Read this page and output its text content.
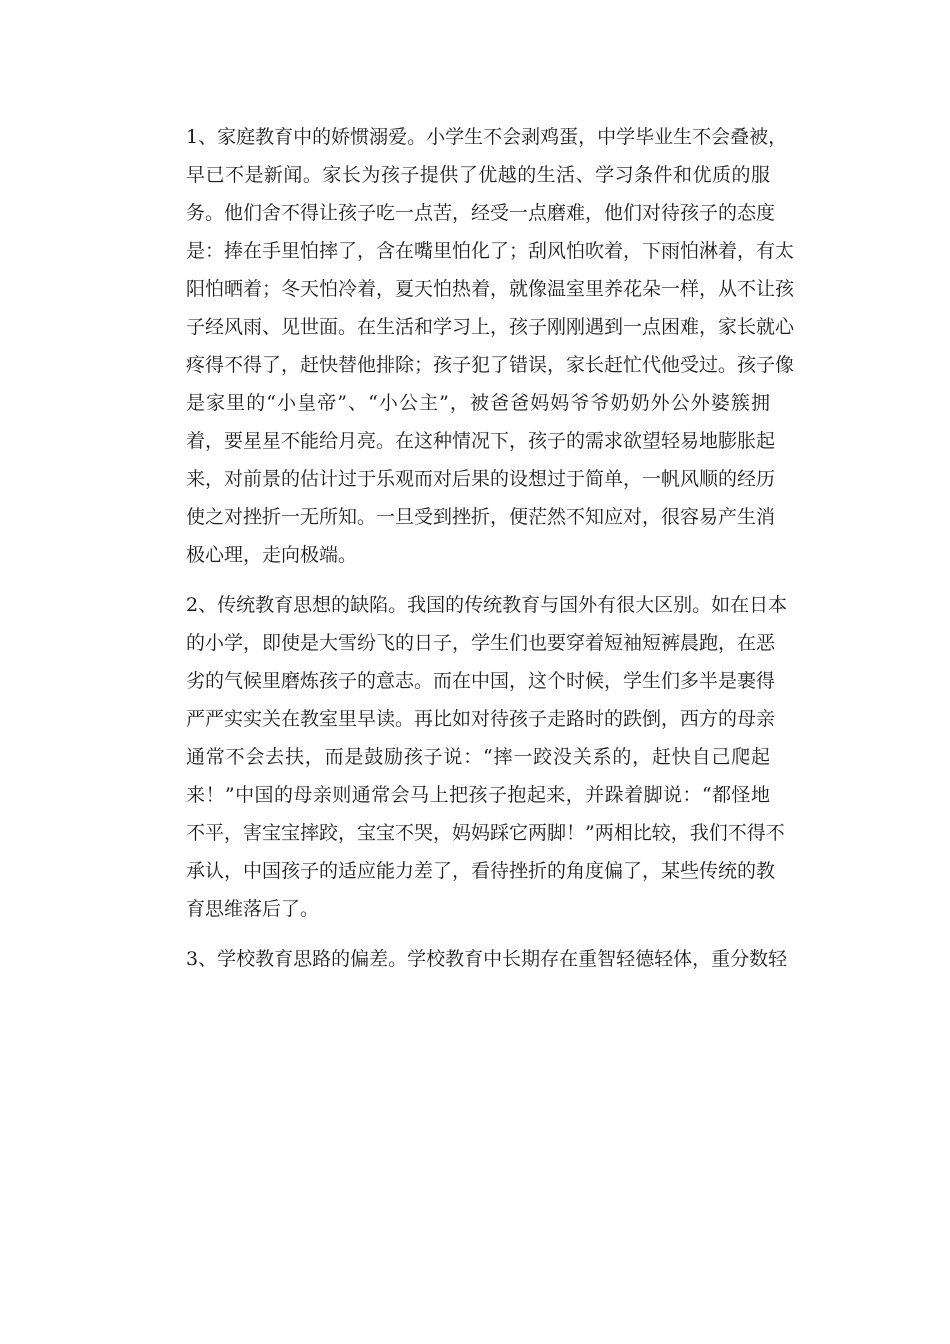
1、家庭教育中的娇惯溺爱。小学生不会剥鸡蛋，中学毕业生不会叠被，
早已不是新闻。家长为孩子提供了优越的生活、学习条件和优质的服
务。他们舍不得让孩子吃一点苦，经受一点磨难，他们对待孩子的态度
是：捧在手里怕摔了，含在嘴里怕化了；刮风怕吹着，下雨怕淋着，有太
阳怕晒着；冬天怕冷着，夏天怕热着，就像温室里养花朵一样，从不让孩
子经风雨、见世面。在生活和学习上，孩子刚刚遇到一点困难，家长就心
疼得不得了，赶快替他排除；孩子犯了错误，家长赶忙代他受过。孩子像
是家里的“小皇帝”、“小公主”，被爸爸妈妈爷爷奶奶外公外婆簇拥
着，要星星不能给月亮。在这种情况下，孩子的需求欲望轻易地膨胀起
来，对前景的估计过于乐观而对后果的设想过于简单，一帆风顺的经历
使之对挫折一无所知。一旦受到挫折，便茫然不知应对，很容易产生消
极心理，走向极端。
2、传统教育思想的缺陷。我国的传统教育与国外有很大区别。如在日本
的小学，即使是大雪纷飞的日子，学生们也要穿着短袖短裤晨跑，在恶
劣的气候里磨炼孩子的意志。而在中国，这个时候，学生们多半是裹得
严严实实关在教室里早读。再比如对待孩子走路时的跌倒，西方的母亲
通常不会去扶，而是鼓励孩子说：“摔一跤没关系的，赶快自己爬起
来！”中国的母亲则通常会马上把孩子抱起来，并跺着脚说：“都怪地
不平，害宝宝摔跤，宝宝不哭，妈妈踩它两脚！”两相比较，我们不得不
承认，中国孩子的适应能力差了，看待挫折的角度偏了，某些传统的教
育思维落后了。
3、学校教育思路的偏差。学校教育中长期存在重智轻德轻体，重分数轻
